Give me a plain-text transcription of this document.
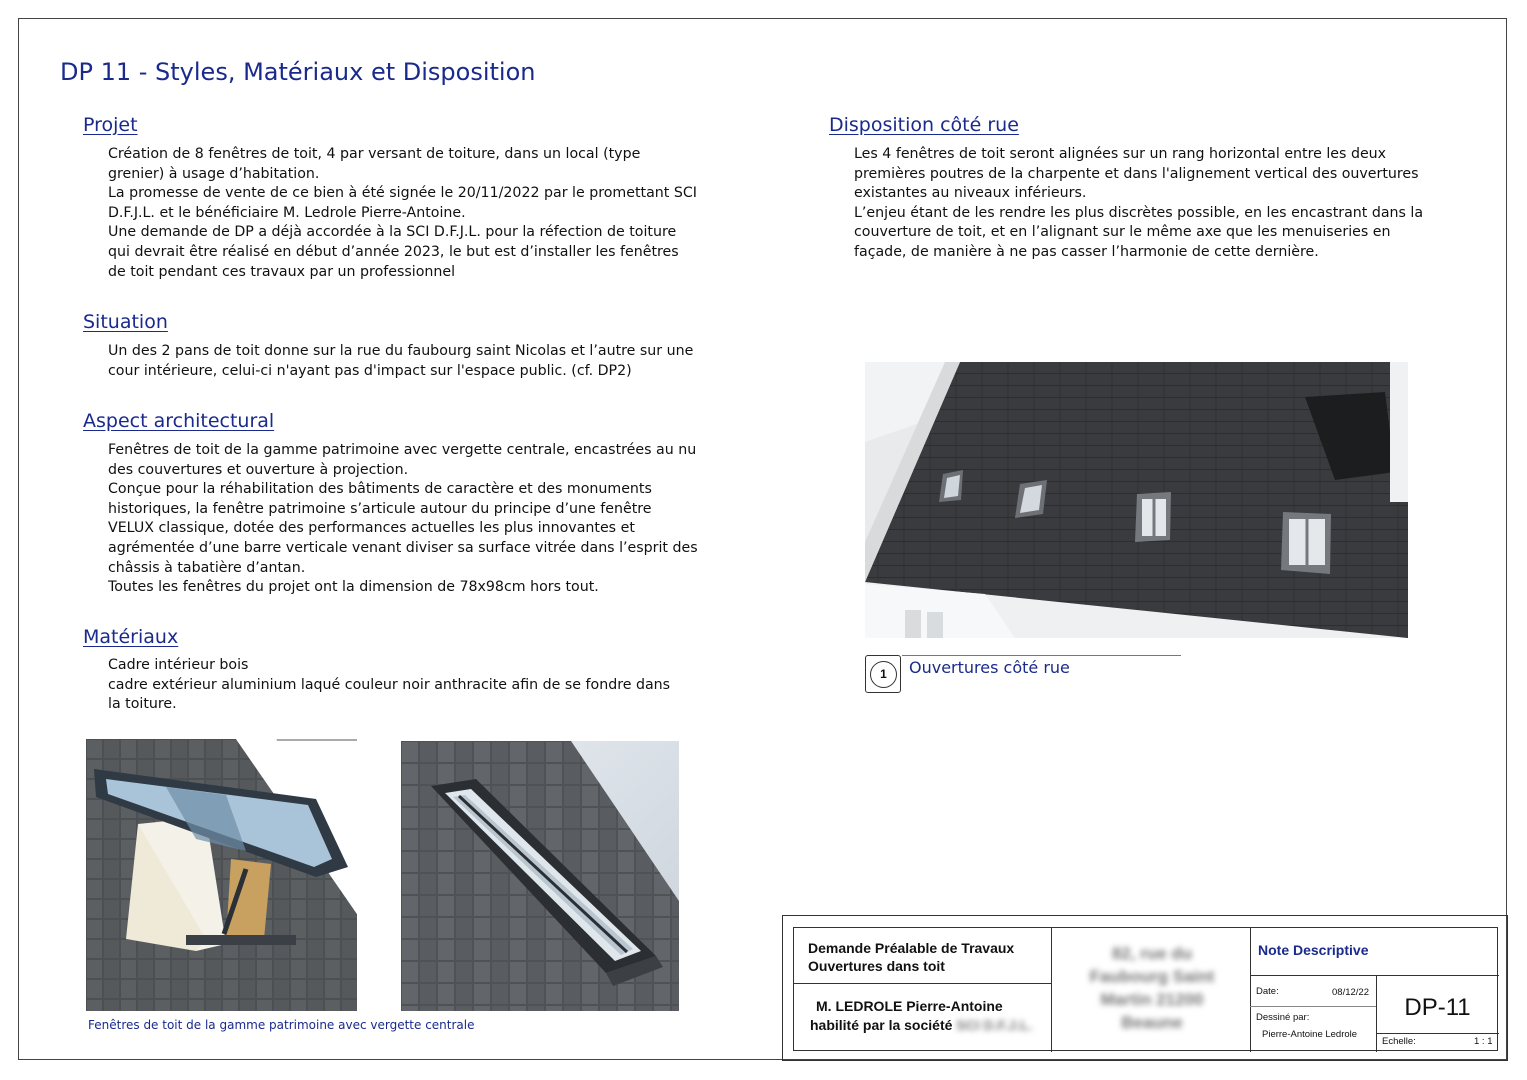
DP 11 - Styles, Matériaux et Disposition
Projet
Création de 8 fenêtres de toit, 4 par versant de toiture, dans un local (type
grenier) à usage d’habitation.
La promesse de vente de ce bien à été signée le 20/11/2022 par le promettant SCI
D.F.J.L. et le bénéficiaire M. Ledrole Pierre-Antoine.
Une demande de DP a déjà accordée à la SCI D.F.J.L. pour la réfection de toiture
qui devrait être réalisé en début d’année 2023, le but est d’installer les fenêtres
de toit pendant ces travaux par un professionnel
Situation
Un des 2 pans de toit donne sur la rue du faubourg saint Nicolas et l’autre sur une
cour intérieure, celui-ci n'ayant pas d'impact sur l'espace public. (cf. DP2)
Aspect architectural
Fenêtres de toit de la gamme patrimoine avec vergette centrale, encastrées au nu
des couvertures et ouverture à projection.
Conçue pour la réhabilitation des bâtiments de caractère et des monuments
historiques, la fenêtre patrimoine s’articule autour du principe d’une fenêtre
VELUX classique, dotée des performances actuelles les plus innovantes et
agrémentée d’une barre verticale venant diviser sa surface vitrée dans l’esprit des
châssis à tabatière d’antan.
Toutes les fenêtres du projet ont la dimension de 78x98cm hors tout.
Matériaux
Cadre intérieur bois
cadre extérieur aluminium laqué couleur noir anthracite afin de se fondre dans
la toiture.
Disposition côté rue
Les 4 fenêtres de toit seront alignées sur un rang horizontal entre les deux
premières poutres de la charpente et dans l'alignement vertical des ouvertures
existantes au niveaux inférieurs.
L’enjeu étant de les rendre les plus discrètes possible, en les encastrant dans la
couverture de toit, et en l’alignant sur le même axe que les menuiseries en
façade, de manière à ne pas casser l’harmonie de cette dernière.
Fenêtres de toit de la gamme patrimoine avec vergette centrale
1	Ouvertures côté rue
Demande Préalable de Travaux
Ouvertures dans toit
M. LEDROLE Pierre-Antoine
habilité par la société SCI D.F.J.L.
82, rue du
Faubourg Saint
Martin 21200
Beaune
Note Descriptive
Date:	08/12/22
Dessiné par:
Pierre-Antoine Ledrole
DP-11
Echelle:	1 : 1
